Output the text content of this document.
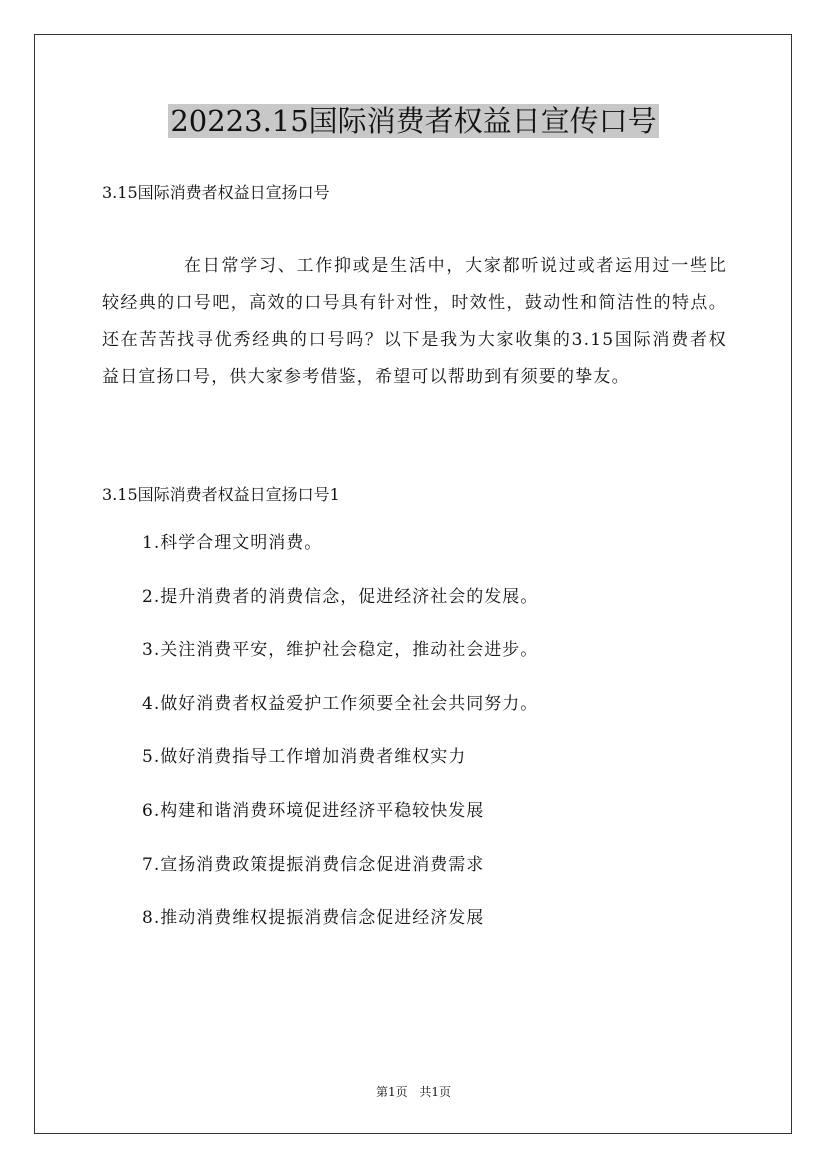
20223.15国际消费者权益日宣传口号

3.15国际消费者权益日宣扬口号

在日常学习、工作抑或是生活中，大家都听说过或者运用过一些比较经典的口号吧，高效的口号具有针对性，时效性，鼓动性和简洁性的特点。还在苦苦找寻优秀经典的口号吗？以下是我为大家收集的3.15国际消费者权益日宣扬口号，供大家参考借鉴，希望可以帮助到有须要的挚友。

3.15国际消费者权益日宣扬口号1

1.科学合理文明消费。
2.提升消费者的消费信念，促进经济社会的发展。
3.关注消费平安，维护社会稳定，推动社会进步。
4.做好消费者权益爱护工作须要全社会共同努力。
5.做好消费指导工作增加消费者维权实力
6.构建和谐消费环境促进经济平稳较快发展
7.宣扬消费政策提振消费信念促进消费需求
8.推动消费维权提振消费信念促进经济发展
第1页 共1页
